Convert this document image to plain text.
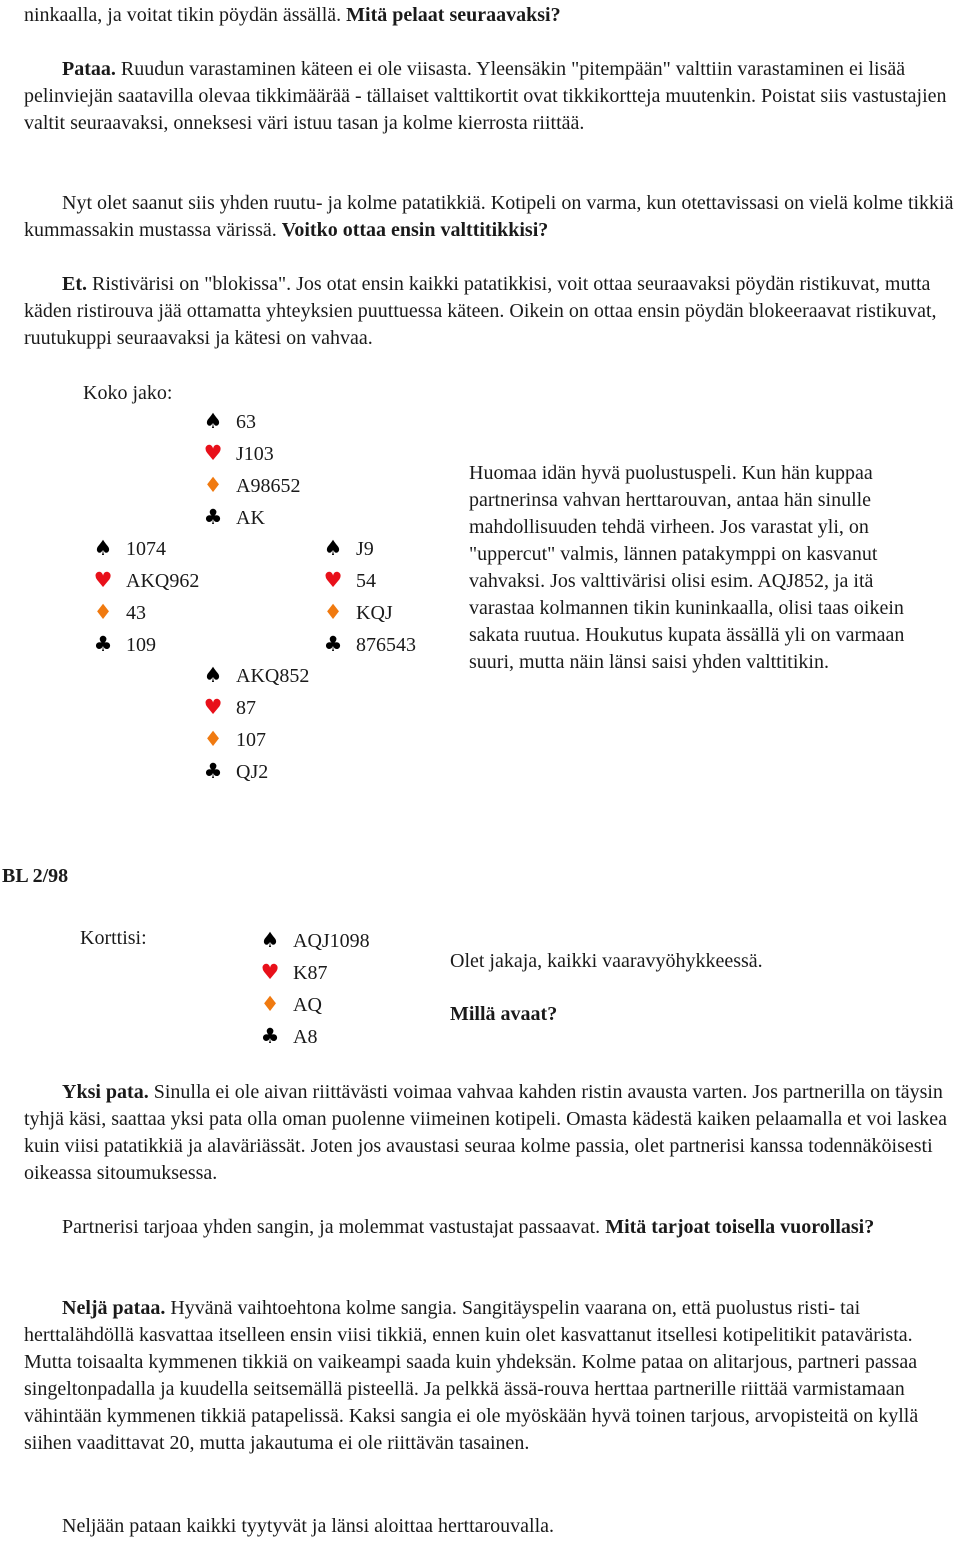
ninkaalla, ja voitat tikin pöydän ässällä. Mitä pelaat seuraavaksi?

Pataa. Ruudun varastaminen käteen ei ole viisasta. Yleensäkin "pitempään" valttiin varastaminen ei lisää pelinviejän saatavilla olevaa tikkimäärää - tällaiset valttikortit ovat tikkikortteja muutenkin. Poistat siis vastustajien valtit seuraavaksi, onneksesi väri istuu tasan ja kolme kierrosta riittää.

Nyt olet saanut siis yhden ruutu- ja kolme patatikkiä. Kotipeli on varma, kun otettavissasi on vielä kolme tikkiä kummassakin mustassa värissä. Voitko ottaa ensin valttitikkisi?

Et. Ristivärisi on "blokissa". Jos otat ensin kaikki patatikkisi, voit ottaa seuraavaksi pöydän ristikuvat, mutta käden ristirouva jää ottamatta yhteyksien puuttuessa käteen. Oikein on ottaa ensin pöydän blokeeraavat ristikuvat, ruutukuppi seuraavaksi ja kätesi on vahvaa.

Koko jako:
♠ 63
♥ J103
♦ A98652
♣ AK
♠ 1074
♥ AKQ962
♦ 43
♣ 109
♠ J9
♥ 54
♦ KQJ
♣ 876543
♠ AKQ852
♥ 87
♦ 107
♣ QJ2
Huomaa idän hyvä puolustuspeli. Kun hän kuppaa partnerinsa vahvan herttarouvan, antaa hän sinulle mahdollisuuden tehdä virheen. Jos varastat yli, on "uppercut" valmis, lännen patakymppi on kasvanut vahvaksi. Jos valttivärisi olisi esim. AQJ852, ja itä varastaa kolmannen tikin kuninkaalla, olisi taas oikein sakata ruutua. Houkutus kupata ässällä yli on varmaan suuri, mutta näin länsi saisi yhden valttitikin.
BL 2/98
Korttisi:	♠ AQJ1098
♥ K87
♦ AQ
♣ A8
Olet jakaja, kaikki vaaravyöhykkeessä.
Millä avaat?

Yksi pata. Sinulla ei ole aivan riittävästi voimaa vahvaa kahden ristin avausta varten. Jos partnerilla on täysin tyhjä käsi, saattaa yksi pata olla oman puolenne viimeinen kotipeli. Omasta kädestä kaiken pelaamalla et voi laskea kuin viisi patatikkiä ja alaväriässät. Joten jos avaustasi seuraa kolme passia, olet partnerisi kanssa todennäköisesti oikeassa sitoumuksessa.

Partnerisi tarjoaa yhden sangin, ja molemmat vastustajat passaavat. Mitä tarjoat toisella vuorollasi?

Neljä pataa. Hyvänä vaihtoehtona kolme sangia. Sangitäyspelin vaarana on, että puolustus risti- tai herttalähdöllä kasvattaa itselleen ensin viisi tikkiä, ennen kuin olet kasvattanut itsellesi kotipelitikit patavärista. Mutta toisaalta kymmenen tikkiä on vaikeampi saada kuin yhdeksän. Kolme pataa on alitarjous, partneri passaa singeltonpadalla ja kuudella seitsemällä pisteellä. Ja pelkkä ässä-rouva herttaa partnerille riittää varmistamaan vähintään kymmenen tikkiä patapelissä. Kaksi sangia ei ole myöskään hyvä toinen tarjous, arvopisteitä on kyllä siihen vaadittavat 20, mutta jakautuma ei ole riittävän tasainen.

Neljään pataan kaikki tyytyvät ja länsi aloittaa herttarouvalla.
